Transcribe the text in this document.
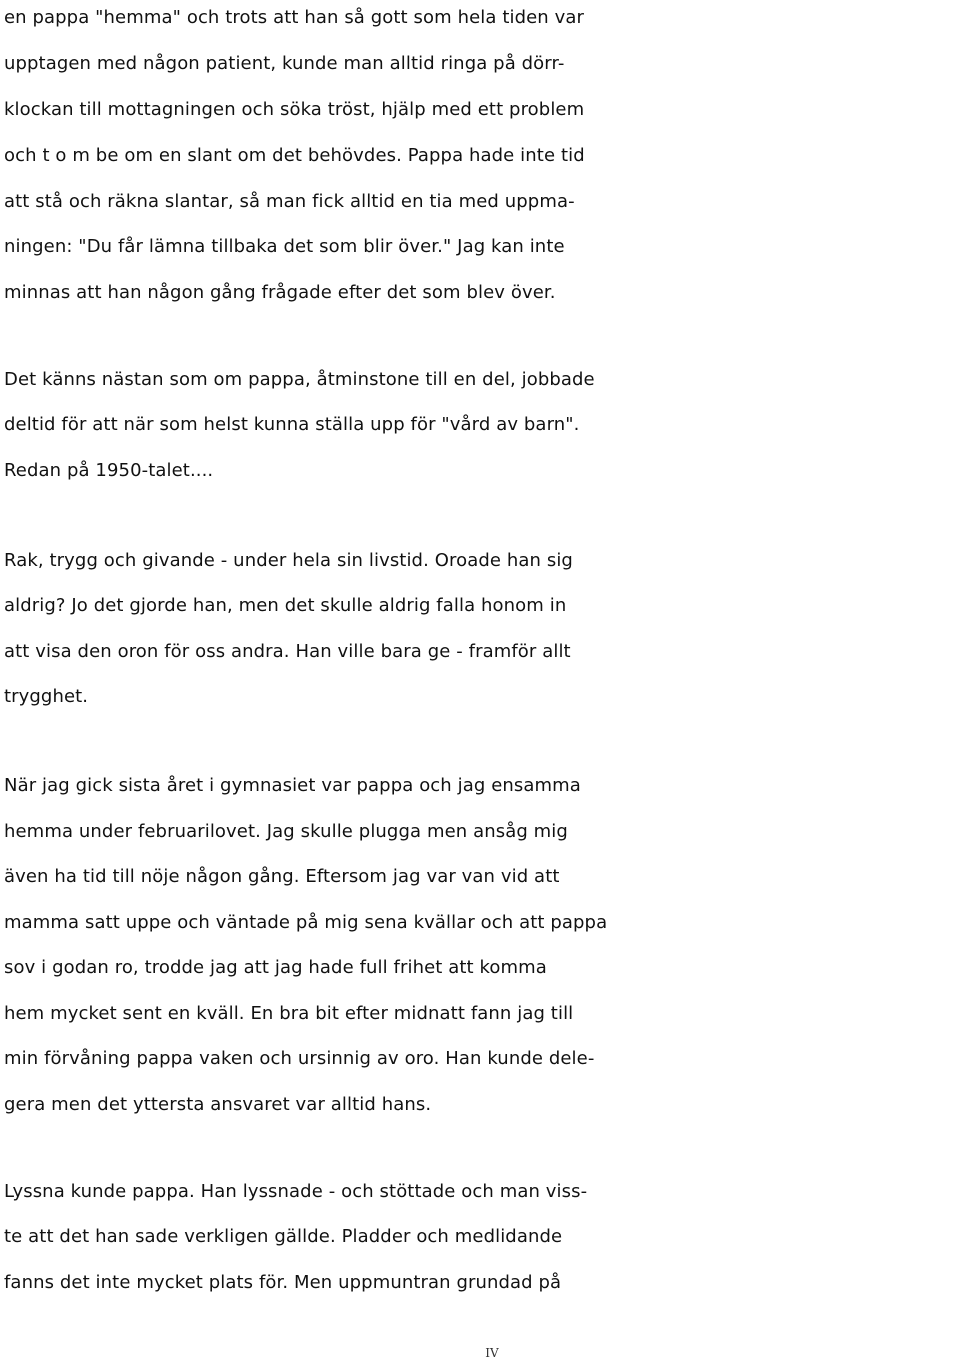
en pappa "hemma" och trots att han så gott som hela tiden var
upptagen med någon patient, kunde man alltid ringa på dörr-
klockan till mottagningen och söka tröst, hjälp med ett problem
och t o m be om en slant om det behövdes. Pappa hade inte tid
att stå och räkna slantar, så man fick alltid en tia med uppma-
ningen: "Du får lämna tillbaka det som blir över." Jag kan inte
minnas att han någon gång frågade efter det som blev över.

Det känns nästan som om pappa, åtminstone till en del, jobbade
deltid för att när som helst kunna ställa upp för "vård av barn".
Redan på 1950-talet....

Rak, trygg och givande - under hela sin livstid. Oroade han sig
aldrig? Jo det gjorde han, men det skulle aldrig falla honom in
att visa den oron för oss andra. Han ville bara ge - framför allt
trygghet.

När jag gick sista året i gymnasiet var pappa och jag ensamma
hemma under februarilovet. Jag skulle plugga men ansåg mig
även ha tid till nöje någon gång. Eftersom jag var van vid att
mamma satt uppe och väntade på mig sena kvällar och att pappa
sov i godan ro, trodde jag att jag hade full frihet att komma
hem mycket sent en kväll. En bra bit efter midnatt fann jag till
min förvåning pappa vaken och ursinnig av oro. Han kunde dele-
gera men det yttersta ansvaret var alltid hans.

Lyssna kunde pappa. Han lyssnade - och stöttade och man viss-
te att det han sade verkligen gällde. Pladder och medlidande
fanns det inte mycket plats för. Men uppmuntran grundad på

IV
